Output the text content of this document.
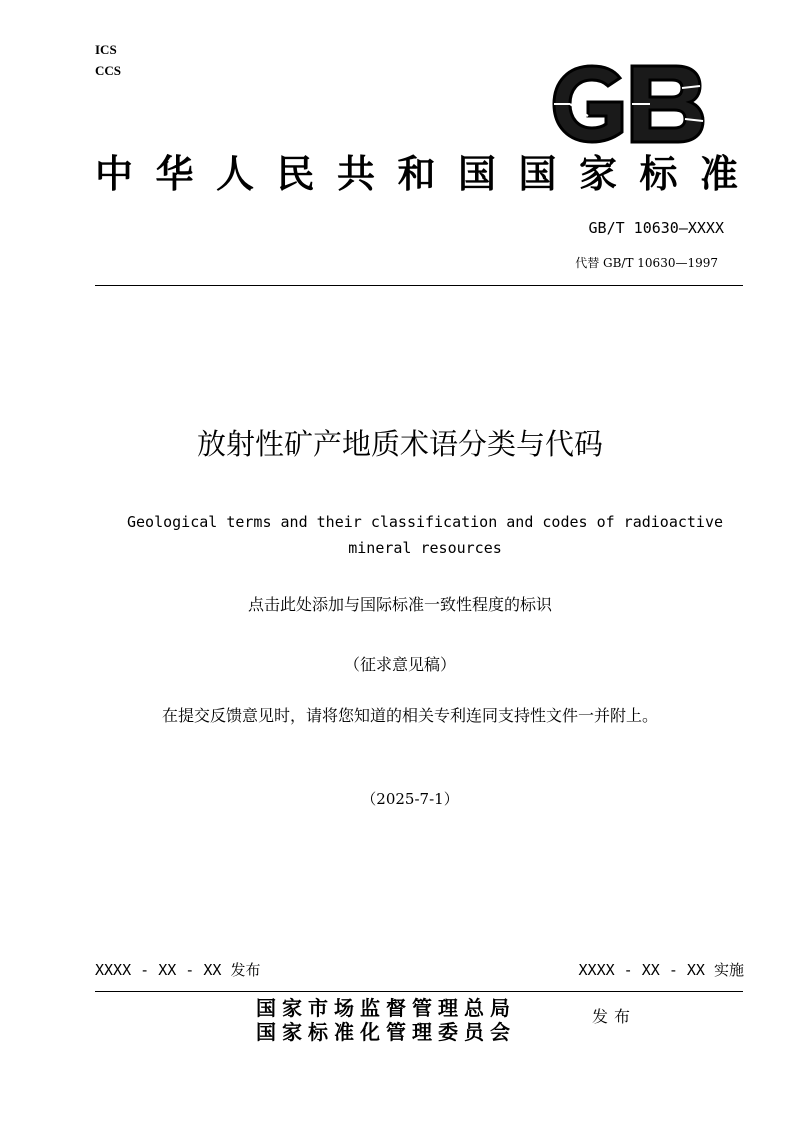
ICS
CCS
中华人民共和国国家标准
GB/T 10630—XXXX
代替 GB/T 10630—1997
放射性矿产地质术语分类与代码
Geological terms and their classification and codes of radioactive mineral resources
点击此处添加与国际标准一致性程度的标识
（征求意见稿）
在提交反馈意见时，请将您知道的相关专利连同支持性文件一并附上。
（2025-7-1）
XXXX - XX - XX 发布	XXXX - XX - XX 实施
国家市场监督管理总局
国家标准化管理委员会
发布
